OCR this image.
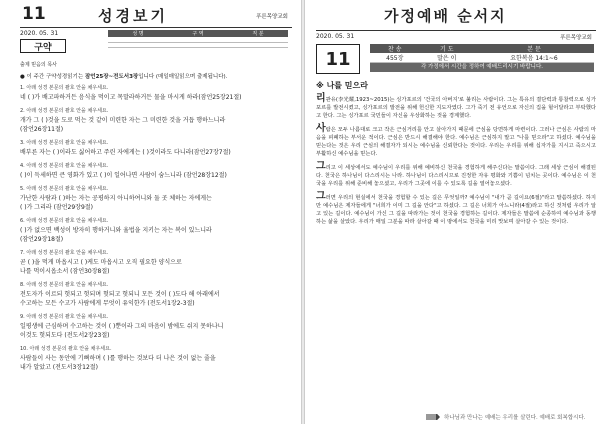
11	성경보기	푸른목양교회
2020. 05. 31
구약
성 명	구 역	직 분

출제 믿음의 목사
● 이 주간 구약성경읽기는 잠언25장~전도서3장입니다 (매일매일읽으며 출제됩니다).
1. 아래 성경 본문의 괄호 안을 채우세요.
네 ( )가 배고파하거든 음식을 먹이고 목말라하거든 물을 마시게 하라(잠언25장21절)
2. 아래 성경 본문의 괄호 안을 채우세요.
개가 그 ( )것을 도로 먹는 것 같이 미련한 자는 그 미련한 것을 거듭 행하느니라
(잠언26장11절)
3. 아래 성경 본문의 괄호 안을 채우세요.
배부른 자는 ( )이라도 싫어하고 주린 자에게는 ( )것이라도 다니라(잠언27장7절)
4. 아래 성경 본문의 괄호 안을 채우세요.
( )이 득세하면 큰 영화가 있고 ( )이 일어나면 사람이 숨느니라 (잠언28장12절)
5. 아래 성경 본문의 괄호 안을 채우세요.
가난한 사람과 ( )하는 자는 공평하지 아니하여니와 둘 곳 체하는 자에게는
( )가 그리라 (잠언29장9절)
6. 아래 성경 본문의 괄호 안을 채우세요.
( )가 없으면 백성이 방자히 행하거니와 율법을 지키는 자는 복이 있느니라
(잠언29장18절)
7. 아래 성경 본문의 괄호 안을 채우세요.
곧 ( )을 먹게 마옵시고 ( )케도 마옵시고 오직 필요한 양식으로
나를 먹이시옵소서 (잠언30장8절)
8. 아래 성경 본문의 괄호 안을 채우세요.
전도자가 이르되 헛되고 헛되며 헛되고 헛되니 모든 것이 ( )도다 해 아래에서
수고하는 모든 수고가 사람에게 무엇이 유익한가 (전도서1장2-3절)
9. 아래 성경 본문의 괄호 안을 채우세요.
일평생에 근심하며 수고하는 것이 ( )뿐이라 그의 마음이 밤에도 쉬지 못하나니
이것도 헛되도다 (전도서2장23절)
10. 아래 성경 본문의 괄호 안을 채우세요.
사람들이 사는 동안에 기뻐하며 ( )를 행하는 것보다 더 나은 것이 없는 줄을
내가 알았고 (전도서3장12절)
가정예배 순서지
2020. 05. 31	푸른목양교회
11	찬 송	기 도	본 문
455장	말은 이	요한복음 14:1~6
각 가정에서 시간을 정하여 예배드리시기 바랍니다.
※ 나를 믿으라

리콴유(李光耀,1923~2015)는 싱가포르의 '건국의 아버지'로 불리는 사람이다. 그는 특유의 결단력과 통찰력으로 싱가포르를 발전시켰고, 싱가포르의 발전을 위해 헌신한 지도자였다. 그가 죽기 전 유언으로 자신의 집을 헐어달라고 부탁했다고 한다. 그는 싱가포르 국민들이 자신을 우상화하는 것을 경계했다.

사람은 모두 나름대로 크고 작은 근심거리를 안고 살아가지 때문에 근심을 당면하게 마련이다. 그러나 근심은 사람의 마음을 피폐하는 부서운 적이다. 근심은 반드시 해결해야 한다. 예수님은 근심하지 말고 "나를 믿으라"고 하셨다. 예수님을 믿는다는 것은 우리 근심의 해결자가 되시는 예수님을 신뢰한다는 것이다. 우리는 우리를 위해 십자가를 지시고 죽으시고 부활하신 예수님을 믿는다.

그리고 이 세상에서도 예수님이 우리를 위해 예비하신 천국을 경험하게 해주신다는 말씀이다. 그래 세상 근심이 해결된다. 천국은 하나님이 다스리시는 나라. 하나님이 다스리시므로 진정한 자유 평화와 기쁨이 넘치는 곳이다. 예수님은 이 천국을 우리를 위해 준비해 놓으셨고, 우리가 그곳에 이를 수 있도록 길을 열어놓으셨다.

그러면 우리의 현실에서 천국을 경험할 수 있는 길은 무엇일까? 예수님이 "내가 곧 길이요(6절)"라고 말씀하셨다. 하지만 예수님은 제자들에게 "너희가 이미 그 길을 안다"고 하셨다. 그 길은 너희가 아느니라(4절)라고 하신 것처럼 우리가 알고 있는 길이다. 예수님이 가신 그 길을 따라가는 것이 천국을 경험하는 길이다. 제자들은 말씀에 순종하여 예수님과 동행하는 삶을 살았다. 우리가 매일 그분을 따라 살아갈 때 이 땅에서도 천국을 미리 맛보며 살아갈 수 있는 것이다.

하나님과 만나는 예배는 우리를 살린다. 예배로 회복합시다.
